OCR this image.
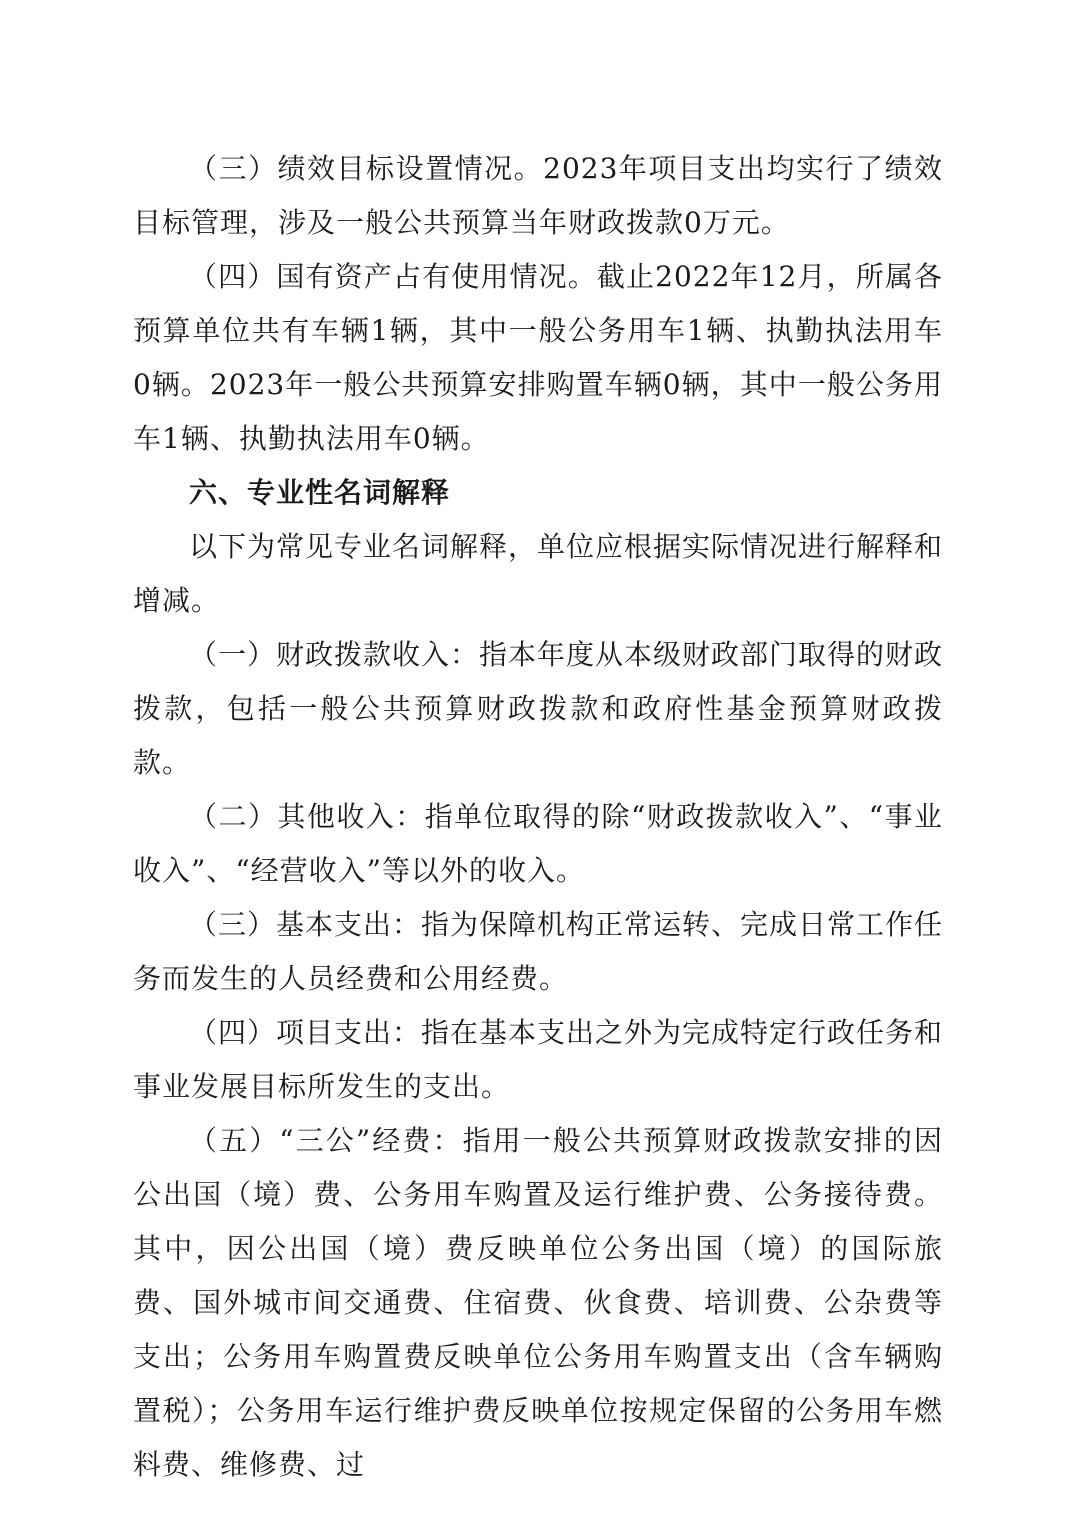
（三）绩效目标设置情况。2023年项目支出均实行了绩效目标管理，涉及一般公共预算当年财政拨款0万元。

（四）国有资产占有使用情况。截止2022年12月，所属各预算单位共有车辆1辆，其中一般公务用车1辆、执勤执法用车0辆。2023年一般公共预算安排购置车辆0辆，其中一般公务用车1辆、执勤执法用车0辆。

六、专业性名词解释

以下为常见专业名词解释，单位应根据实际情况进行解释和增减。

（一）财政拨款收入：指本年度从本级财政部门取得的财政拨款，包括一般公共预算财政拨款和政府性基金预算财政拨款。

（二）其他收入：指单位取得的除“财政拨款收入”、“事业收入”、“经营收入”等以外的收入。

（三）基本支出：指为保障机构正常运转、完成日常工作任务而发生的人员经费和公用经费。

（四）项目支出：指在基本支出之外为完成特定行政任务和事业发展目标所发生的支出。

（五）“三公”经费：指用一般公共预算财政拨款安排的因公出国（境）费、公务用车购置及运行维护费、公务接待费。其中，因公出国（境）费反映单位公务出国（境）的国际旅费、国外城市间交通费、住宿费、伙食费、培训费、公杂费等支出；公务用车购置费反映单位公务用车购置支出（含车辆购置税）；公务用车运行维护费反映单位按规定保留的公务用车燃料费、维修费、过
